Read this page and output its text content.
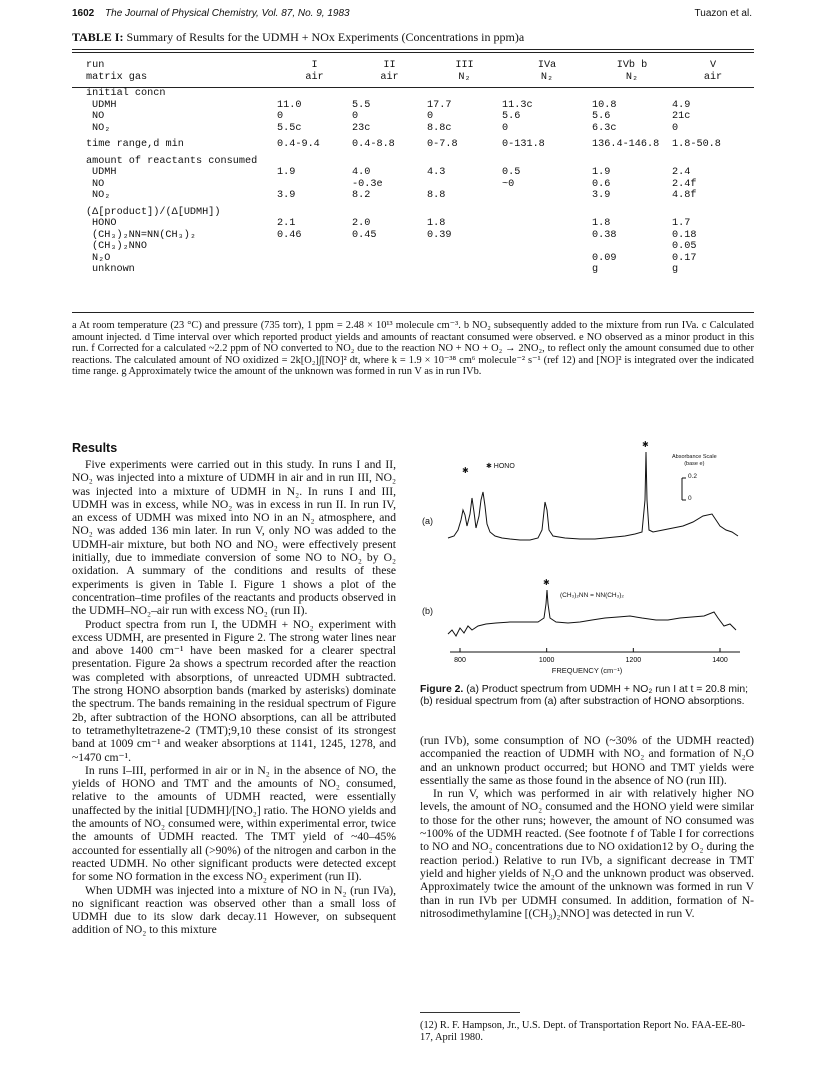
1602 The Journal of Physical Chemistry, Vol. 87, No. 9, 1983	Tuazon et al.
TABLE I: Summary of Results for the UDMH + NOx Experiments (Concentrations in ppm)a
run	I	II	III	IVa	IVb b	V
matrix gas	air	air	N₂	N₂	N₂	air
initial concn						
UDMH	11.0	5.5	17.7	11.3c	10.8	4.9
NO	0	0	0	5.6	5.6	21c
NO₂	5.5c	23c	8.8c	0	6.3c	0
time range,d min	0.4-9.4	0.4-8.8	0-7.8	0-131.8	136.4-146.8	1.8-50.8
amount of reactants consumed						
UDMH	1.9	4.0	4.3	0.5	1.9	2.4
NO		-0.3e		~0	0.6	2.4f
NO₂	3.9	8.2	8.8		3.9	4.8f
(Δ[product])/(Δ[UDMH])						
HONO	2.1	2.0	1.8		1.8	1.7
(CH₃)₂NN=NN(CH₃)₂	0.46	0.45	0.39		0.38	0.18
(CH₃)₂NNO						0.05
N₂O					0.09	0.17
unknown					g	g
a At room temperature (23 °C) and pressure (735 torr), 1 ppm = 2.48 × 10¹³ molecule cm⁻³. b NO₂ subsequently added to the mixture from run IVa. c Calculated amount injected. d Time interval over which reported product yields and amounts of reactant consumed were observed. e NO observed as a minor product in this run. f Corrected for a calculated ~2.2 ppm of NO converted to NO₂ due to the reaction NO + NO + O₂ → 2NO₂, to reflect only the amount consumed due to other reactions. The calculated amount of NO oxidized = 2k[O₂]∫[NO]² dt, where k = 1.9 × 10⁻³⁸ cm⁶ molecule⁻² s⁻¹ (ref 12) and [NO]² is integrated over the indicated time range. g Approximately twice the amount of the unknown was formed in run V as in run IVb.
Results

Five experiments were carried out in this study. In runs I and II, NO₂ was injected into a mixture of UDMH in air and in run III, NO₂ was injected into a mixture of UDMH in N₂. In runs I and III, UDMH was in excess, while NO₂ was in excess in run II. In run IV, an excess of UDMH was mixed into NO in an N₂ atmosphere, and NO₂ was added 136 min later. In run V, only NO was added to the UDMH-air mixture, but both NO and NO₂ were effectively present initially, due to immediate conversion of some NO to NO₂ by O₂ oxidation. A summary of the conditions and results of these experiments is given in Table I. Figure 1 shows a plot of the concentration–time profiles of the reactants and products observed in the UDMH–NO₂–air run with excess NO₂ (run II).

Product spectra from run I, the UDMH + NO₂ experiment with excess UDMH, are presented in Figure 2. The strong water lines near and above 1400 cm⁻¹ have been masked for a clearer spectral presentation. Figure 2a shows a spectrum recorded after the reaction was completed with absorptions, of unreacted UDMH subtracted. The strong HONO absorption bands (marked by asterisks) dominate the spectrum. The bands remaining in the residual spectrum of Figure 2b, after subtraction of the HONO absorptions, can all be attributed to tetramethyltetrazene-2 (TMT);9,10 these consist of its strongest band at 1009 cm⁻¹ and weaker absorptions at 1141, 1245, 1278, and ~1470 cm⁻¹.

In runs I–III, performed in air or in N₂ in the absence of NO, the yields of HONO and TMT and the amounts of NO₂ consumed, relative to the amounts of UDMH reacted, were essentially unaffected by the initial [UDMH]/[NO₂] ratio. The HONO yields and the amounts of NO₂ consumed were, within experimental error, twice the amounts of UDMH reacted. The TMT yield of ~40–45% accounted for essentially all (>90%) of the nitrogen and carbon in the reacted UDMH. No other significant products were detected except for some NO formation in the excess NO₂ experiment (run II).

When UDMH was injected into a mixture of NO in N₂ (run IVa), no significant reaction was observed other than a small loss of UDMH due to its slow dark decay.11 However, on subsequent addition of NO₂ to this mixture

800	1000	1200	1400
(a)
(b)
✱ HONO
✱
✱
✱
(CH₃)₂NN = NN(CH₃)₂
Absorbance Scale
(base e)
0.2
0
FREQUENCY (cm⁻¹)
Figure 2. (a) Product spectrum from UDMH + NO₂ run I at t = 20.8 min; (b) residual spectrum from (a) after substraction of HONO absorptions.

(run IVb), some consumption of NO (~30% of the UDMH reacted) accompanied the reaction of UDMH with NO₂ and formation of N₂O and an unknown product occurred; but HONO and TMT yields were essentially the same as those found in the absence of NO (run III).

In run V, which was performed in air with relatively higher NO levels, the amount of NO₂ consumed and the HONO yield were similar to those for the other runs; however, the amount of NO consumed was ~100% of the UDMH reacted. (See footnote f of Table I for corrections to NO and NO₂ concentrations due to NO oxidation12 by O₂ during the reaction period.) Relative to run IVb, a significant decrease in TMT yield and higher yields of N₂O and the unknown product was observed. Approximately twice the amount of the unknown was formed in run V than in run IVb per UDMH consumed. In addition, formation of N-nitrosodimethylamine [(CH₃)₂NNO] was detected in run V.

(12) R. F. Hampson, Jr., U.S. Dept. of Transportation Report No. FAA-EE-80-17, April 1980.
